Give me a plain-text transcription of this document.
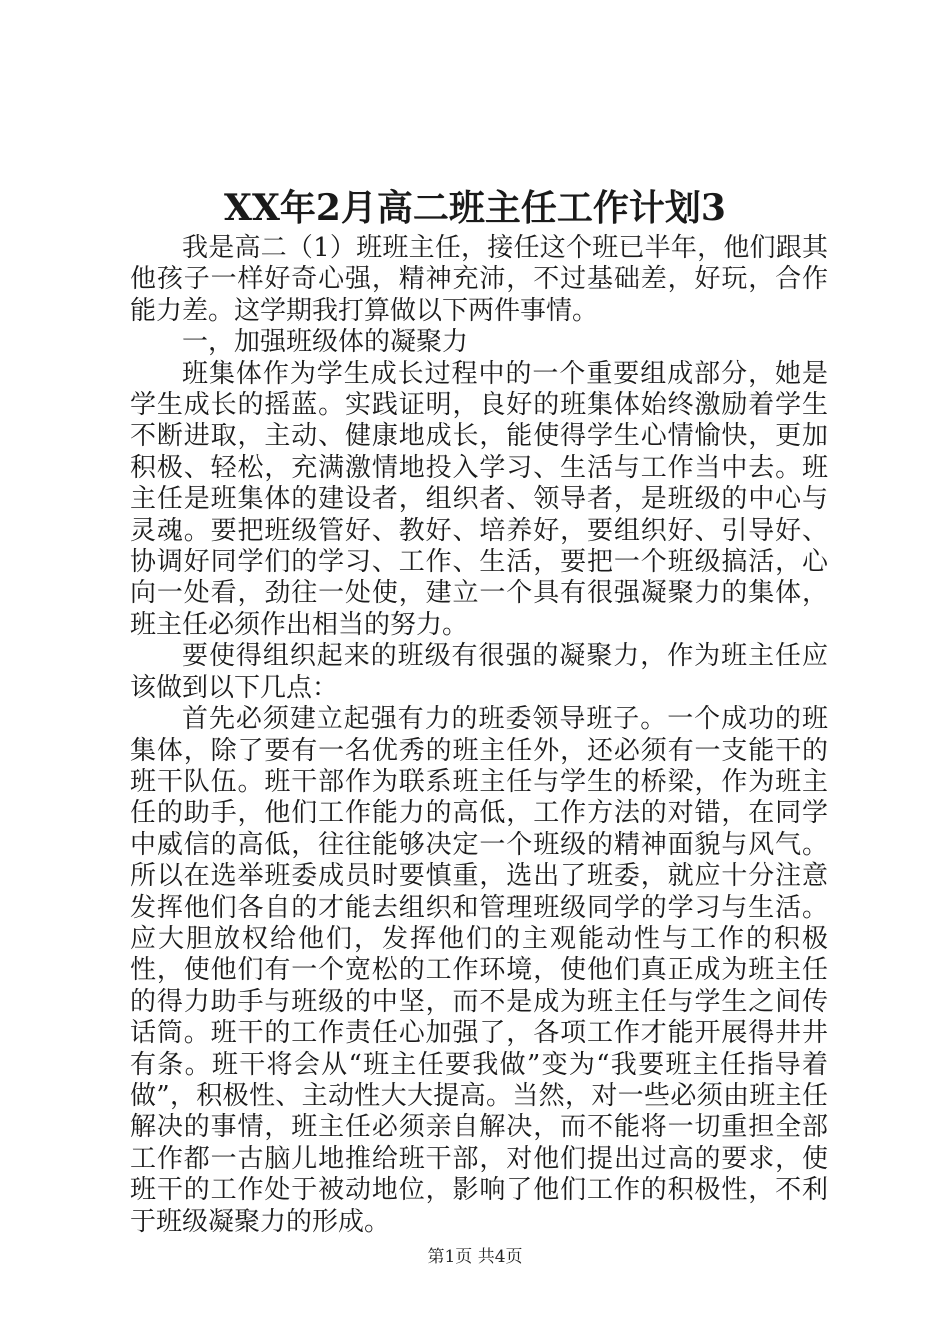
XX年2月高二班主任工作计划3

我是高二（1）班班主任，接任这个班已半年，他们跟其他孩子一样好奇心强，精神充沛，不过基础差，好玩，合作能力差。这学期我打算做以下两件事情。

一，加强班级体的凝聚力

班集体作为学生成长过程中的一个重要组成部分，她是学生成长的摇蓝。实践证明，良好的班集体始终激励着学生不断进取，主动、健康地成长，能使得学生心情愉快，更加积极、轻松，充满激情地投入学习、生活与工作当中去。班主任是班集体的建设者，组织者、领导者，是班级的中心与灵魂。要把班级管好、教好、培养好，要组织好、引导好、协调好同学们的学习、工作、生活，要把一个班级搞活，心向一处看，劲往一处使，建立一个具有很强凝聚力的集体，班主任必须作出相当的努力。

要使得组织起来的班级有很强的凝聚力，作为班主任应该做到以下几点：

首先必须建立起强有力的班委领导班子。一个成功的班集体，除了要有一名优秀的班主任外，还必须有一支能干的班干队伍。班干部作为联系班主任与学生的桥梁，作为班主任的助手，他们工作能力的高低，工作方法的对错，在同学中威信的高低，往往能够决定一个班级的精神面貌与风气。所以在选举班委成员时要慎重，选出了班委，就应十分注意发挥他们各自的才能去组织和管理班级同学的学习与生活。应大胆放权给他们，发挥他们的主观能动性与工作的积极性，使他们有一个宽松的工作环境，使他们真正成为班主任的得力助手与班级的中坚，而不是成为班主任与学生之间传话筒。班干的工作责任心加强了，各项工作才能开展得井井有条。班干将会从“班主任要我做”变为“我要班主任指导着做”，积极性、主动性大大提高。当然，对一些必须由班主任解决的事情，班主任必须亲自解决，而不能将一切重担全部工作都一古脑儿地推给班干部，对他们提出过高的要求，使班干的工作处于被动地位，影响了他们工作的积极性，不利于班级凝聚力的形成。

第1页 共4页
